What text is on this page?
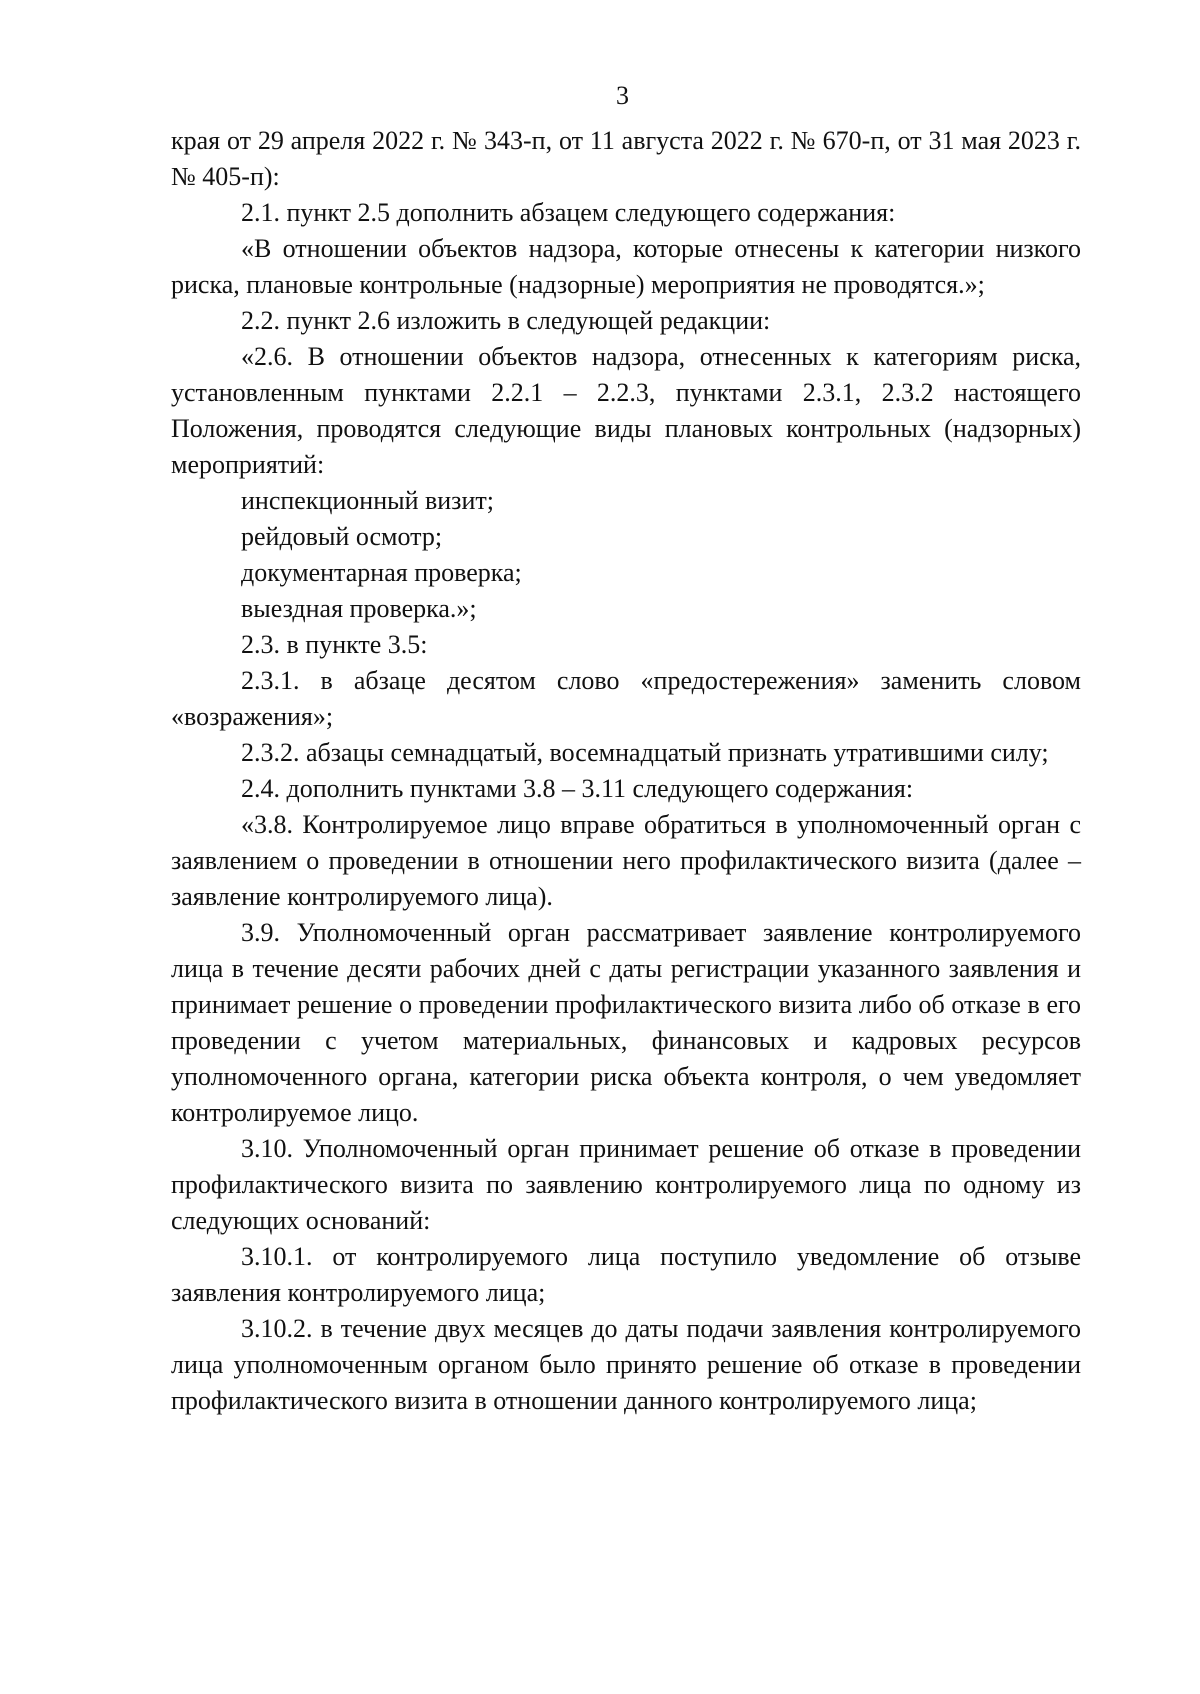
3

края от 29 апреля 2022 г. № 343-п, от 11 августа 2022 г. № 670-п, от 31 мая 2023 г. № 405-п):

2.1. пункт 2.5 дополнить абзацем следующего содержания:

«В отношении объектов надзора, которые отнесены к категории низкого риска, плановые контрольные (надзорные) мероприятия не проводятся.»;

2.2. пункт 2.6 изложить в следующей редакции:

«2.6. В отношении объектов надзора, отнесенных к категориям риска, установленным пунктами 2.2.1 – 2.2.3, пунктами 2.3.1, 2.3.2 настоящего Положения, проводятся следующие виды плановых контрольных (надзорных) мероприятий:

инспекционный визит;

рейдовый осмотр;

документарная проверка;

выездная проверка.»;

2.3. в пункте 3.5:

2.3.1. в абзаце десятом слово «предостережения» заменить словом «возражения»;

2.3.2. абзацы семнадцатый, восемнадцатый признать утратившими силу;

2.4. дополнить пунктами 3.8 – 3.11 следующего содержания:

«3.8. Контролируемое лицо вправе обратиться в уполномоченный орган с заявлением о проведении в отношении него профилактического визита (далее – заявление контролируемого лица).

3.9. Уполномоченный орган рассматривает заявление контролируемого лица в течение десяти рабочих дней с даты регистрации указанного заявления и принимает решение о проведении профилактического визита либо об отказе в его проведении с учетом материальных, финансовых и кадровых ресурсов уполномоченного органа, категории риска объекта контроля, о чем уведомляет контролируемое лицо.

3.10. Уполномоченный орган принимает решение об отказе в проведении профилактического визита по заявлению контролируемого лица по одному из следующих оснований:

3.10.1. от контролируемого лица поступило уведомление об отзыве заявления контролируемого лица;

3.10.2. в течение двух месяцев до даты подачи заявления контролируемого лица уполномоченным органом было принято решение об отказе в проведении профилактического визита в отношении данного контролируемого лица;
